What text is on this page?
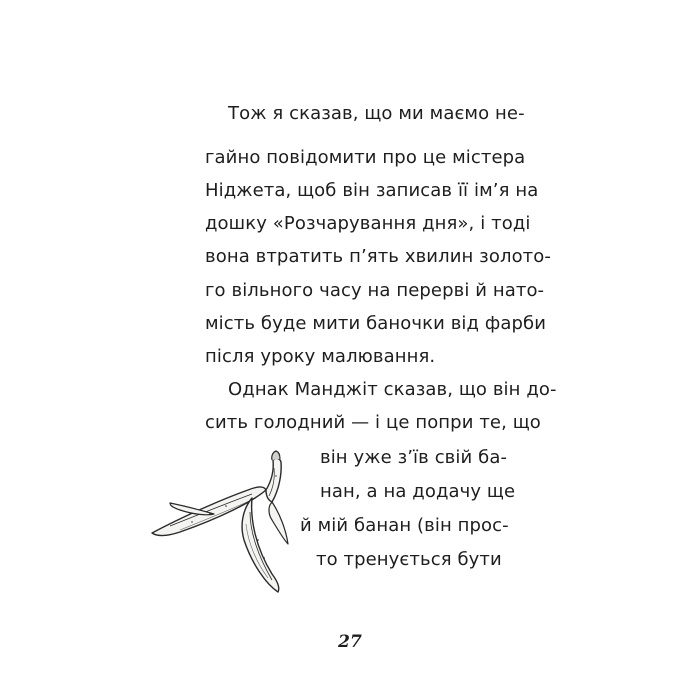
Тож я сказав, що ми маємо не-
гайно повідомити про це містера
Ніджета, щоб він записав її ім’я на
дошку «Розчарування дня», і тоді
вона втратить п’ять хвилин золото-
го вільного часу на перерві й нато-
мість буде мити баночки від фарби
після уроку малювання.
Однак Манджіт сказав, що він до-
сить голодний — і це попри те, що
він уже з’їв свій ба-
нан, а на додачу ще
й мій банан (він прос-
то тренується бути
27
